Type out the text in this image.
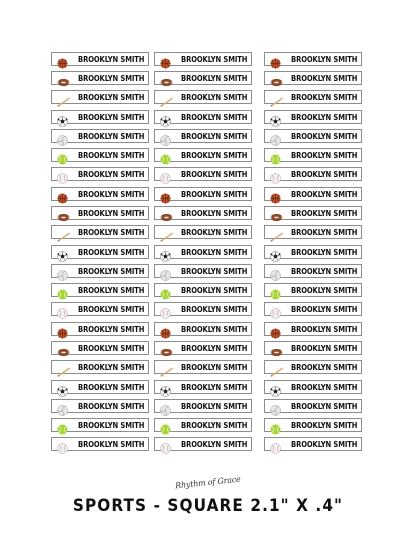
BROOKLYN SMITH
BROOKLYN SMITH
BROOKLYN SMITH
BROOKLYN SMITH
BROOKLYN SMITH
BROOKLYN SMITH
BROOKLYN SMITH
BROOKLYN SMITH
BROOKLYN SMITH
BROOKLYN SMITH
BROOKLYN SMITH
BROOKLYN SMITH
BROOKLYN SMITH
BROOKLYN SMITH
BROOKLYN SMITH
BROOKLYN SMITH
BROOKLYN SMITH
BROOKLYN SMITH
BROOKLYN SMITH
BROOKLYN SMITH
BROOKLYN SMITH
BROOKLYN SMITH
BROOKLYN SMITH
BROOKLYN SMITH
BROOKLYN SMITH
BROOKLYN SMITH
BROOKLYN SMITH
BROOKLYN SMITH
BROOKLYN SMITH
BROOKLYN SMITH
BROOKLYN SMITH
BROOKLYN SMITH
BROOKLYN SMITH
BROOKLYN SMITH
BROOKLYN SMITH
BROOKLYN SMITH
BROOKLYN SMITH
BROOKLYN SMITH
BROOKLYN SMITH
BROOKLYN SMITH
BROOKLYN SMITH
BROOKLYN SMITH
BROOKLYN SMITH
BROOKLYN SMITH
BROOKLYN SMITH
BROOKLYN SMITH
BROOKLYN SMITH
BROOKLYN SMITH
BROOKLYN SMITH
BROOKLYN SMITH
BROOKLYN SMITH
BROOKLYN SMITH
BROOKLYN SMITH
BROOKLYN SMITH
BROOKLYN SMITH
BROOKLYN SMITH
BROOKLYN SMITH
BROOKLYN SMITH
BROOKLYN SMITH
BROOKLYN SMITH
BROOKLYN SMITH
BROOKLYN SMITH
BROOKLYN SMITH
Rhythm of Grace
SPORTS - SQUARE 2.1" X .4"
